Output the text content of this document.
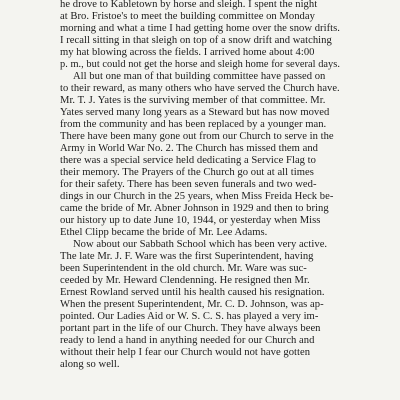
he drove to Kabletown by horse and sleigh. I spent the night
at Bro. Fristoe's to meet the building committee on Monday
morning and what a time I had getting home over the snow drifts.
I recall sitting in that sleigh on top of a snow drift and watching
my hat blowing across the fields. I arrived home about 4:00
p. m., but could not get the horse and sleigh home for several days.
All but one man of that building committee have passed on
to their reward, as many others who have served the Church have.
Mr. T. J. Yates is the surviving member of that committee. Mr.
Yates served many long years as a Steward but has now moved
from the community and has been replaced by a younger man.
There have been many gone out from our Church to serve in the
Army in World War No. 2. The Church has missed them and
there was a special service held dedicating a Service Flag to
their memory. The Prayers of the Church go out at all times
for their safety. There has been seven funerals and two wed-
dings in our Church in the 25 years, when Miss Freida Heck be-
came the bride of Mr. Abner Johnson in 1929 and then to bring
our history up to date June 10, 1944, or yesterday when Miss
Ethel Clipp became the bride of Mr. Lee Adams.
Now about our Sabbath School which has been very active.
The late Mr. J. F. Ware was the first Superintendent, having
been Superintendent in the old church. Mr. Ware was suc-
ceeded by Mr. Heward Clendenning. He resigned then Mr.
Ernest Rowland served until his health caused his resignation.
When the present Superintendent, Mr. C. D. Johnson, was ap-
pointed. Our Ladies Aid or W. S. C. S. has played a very im-
portant part in the life of our Church. They have always been
ready to lend a hand in anything needed for our Church and
without their help I fear our Church would not have gotten
along so well.
